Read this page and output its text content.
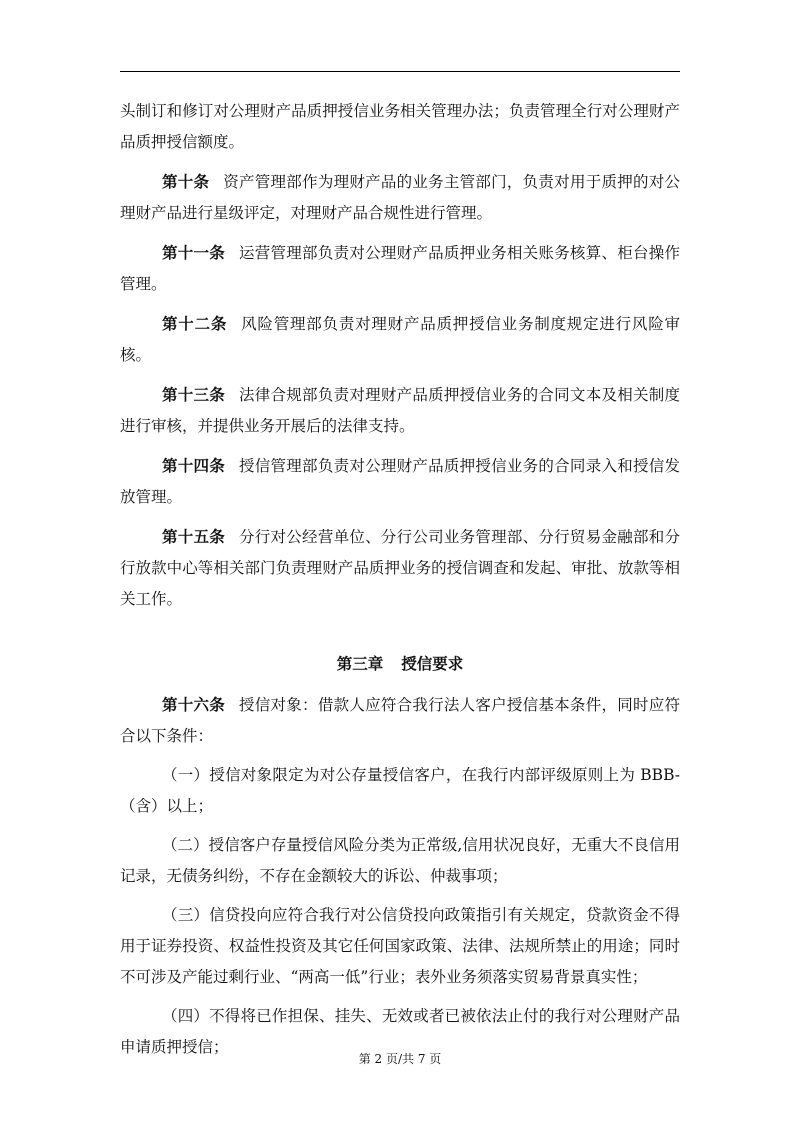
头制订和修订对公理财产品质押授信业务相关管理办法；负责管理全行对公理财产品质押授信额度。

第十条 资产管理部作为理财产品的业务主管部门，负责对用于质押的对公理财产品进行星级评定，对理财产品合规性进行管理。

第十一条 运营管理部负责对公理财产品质押业务相关账务核算、柜台操作管理。

第十二条 风险管理部负责对理财产品质押授信业务制度规定进行风险审核。

第十三条 法律合规部负责对理财产品质押授信业务的合同文本及相关制度进行审核，并提供业务开展后的法律支持。

第十四条 授信管理部负责对公理财产品质押授信业务的合同录入和授信发放管理。

第十五条 分行对公经营单位、分行公司业务管理部、分行贸易金融部和分行放款中心等相关部门负责理财产品质押业务的授信调查和发起、审批、放款等相关工作。

第三章 授信要求

第十六条 授信对象：借款人应符合我行法人客户授信基本条件，同时应符合以下条件：

（一）授信对象限定为对公存量授信客户，在我行内部评级原则上为 BBB-（含）以上；

（二）授信客户存量授信风险分类为正常级,信用状况良好，无重大不良信用记录，无债务纠纷，不存在金额较大的诉讼、仲裁事项；

（三）信贷投向应符合我行对公信贷投向政策指引有关规定，贷款资金不得用于证券投资、权益性投资及其它任何国家政策、法律、法规所禁止的用途；同时不可涉及产能过剩行业、“两高一低”行业；表外业务须落实贸易背景真实性；

（四）不得将已作担保、挂失、无效或者已被依法止付的我行对公理财产品申请质押授信；

第 2 页/共 7 页
